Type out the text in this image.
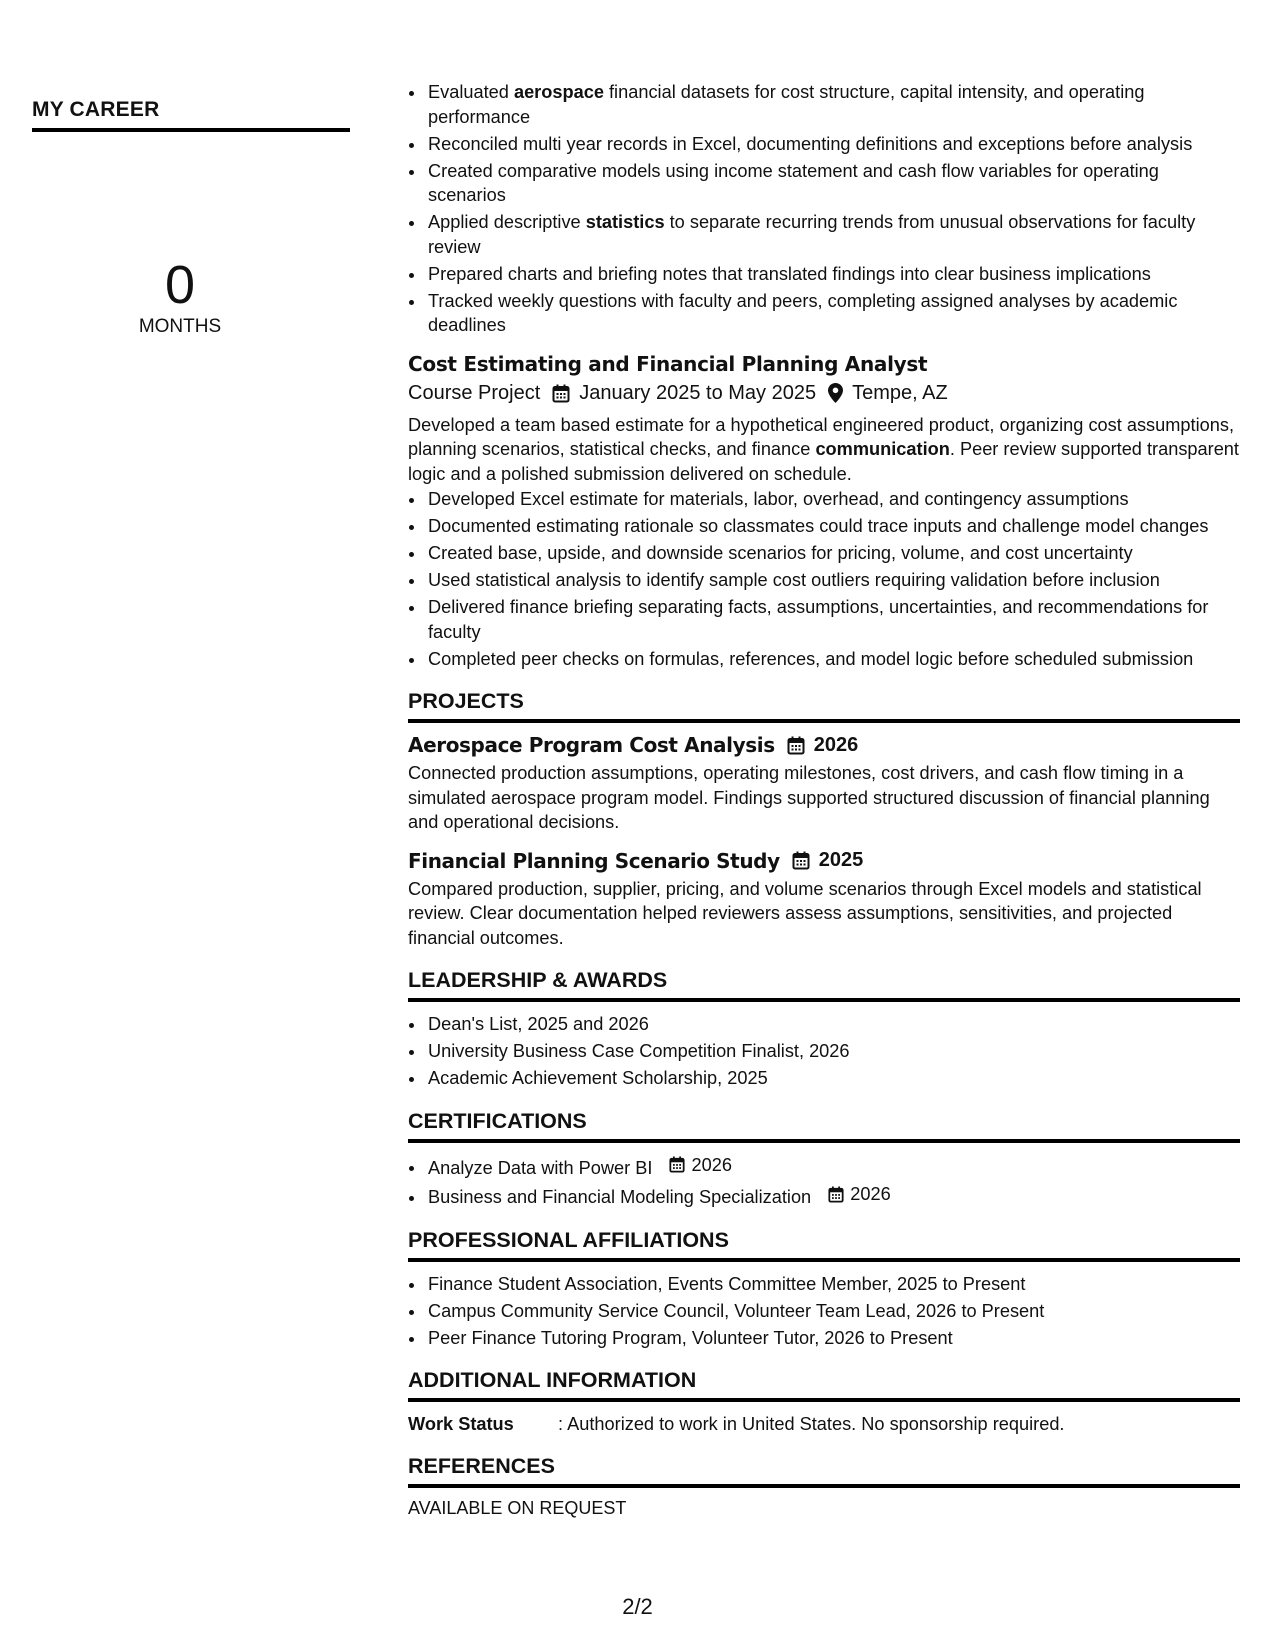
MY CAREER
0
MONTHS
• Evaluated aerospace financial datasets for cost structure, capital intensity, and operating performance
• Reconciled multi year records in Excel, documenting definitions and exceptions before analysis
• Created comparative models using income statement and cash flow variables for operating scenarios
• Applied descriptive statistics to separate recurring trends from unusual observations for faculty review
• Prepared charts and briefing notes that translated findings into clear business implications
• Tracked weekly questions with faculty and peers, completing assigned analyses by academic deadlines
Cost Estimating and Financial Planning Analyst
Course Project January 2025 to May 2025 Tempe, AZ
Developed a team based estimate for a hypothetical engineered product, organizing cost assumptions, planning scenarios, statistical checks, and finance communication. Peer review supported transparent logic and a polished submission delivered on schedule.
• Developed Excel estimate for materials, labor, overhead, and contingency assumptions
• Documented estimating rationale so classmates could trace inputs and challenge model changes
• Created base, upside, and downside scenarios for pricing, volume, and cost uncertainty
• Used statistical analysis to identify sample cost outliers requiring validation before inclusion
• Delivered finance briefing separating facts, assumptions, uncertainties, and recommendations for faculty
• Completed peer checks on formulas, references, and model logic before scheduled submission
PROJECTS
Aerospace Program Cost Analysis 2026
Connected production assumptions, operating milestones, cost drivers, and cash flow timing in a simulated aerospace program model. Findings supported structured discussion of financial planning and operational decisions.
Financial Planning Scenario Study 2025
Compared production, supplier, pricing, and volume scenarios through Excel models and statistical review. Clear documentation helped reviewers assess assumptions, sensitivities, and projected financial outcomes.
LEADERSHIP & AWARDS
• Dean's List, 2025 and 2026
• University Business Case Competition Finalist, 2026
• Academic Achievement Scholarship, 2025
CERTIFICATIONS
• Analyze Data with Power BI 2026
• Business and Financial Modeling Specialization 2026
PROFESSIONAL AFFILIATIONS
• Finance Student Association, Events Committee Member, 2025 to Present
• Campus Community Service Council, Volunteer Team Lead, 2026 to Present
• Peer Finance Tutoring Program, Volunteer Tutor, 2026 to Present
ADDITIONAL INFORMATION
Work Status	: Authorized to work in United States. No sponsorship required.
REFERENCES
AVAILABLE ON REQUEST
2/2
